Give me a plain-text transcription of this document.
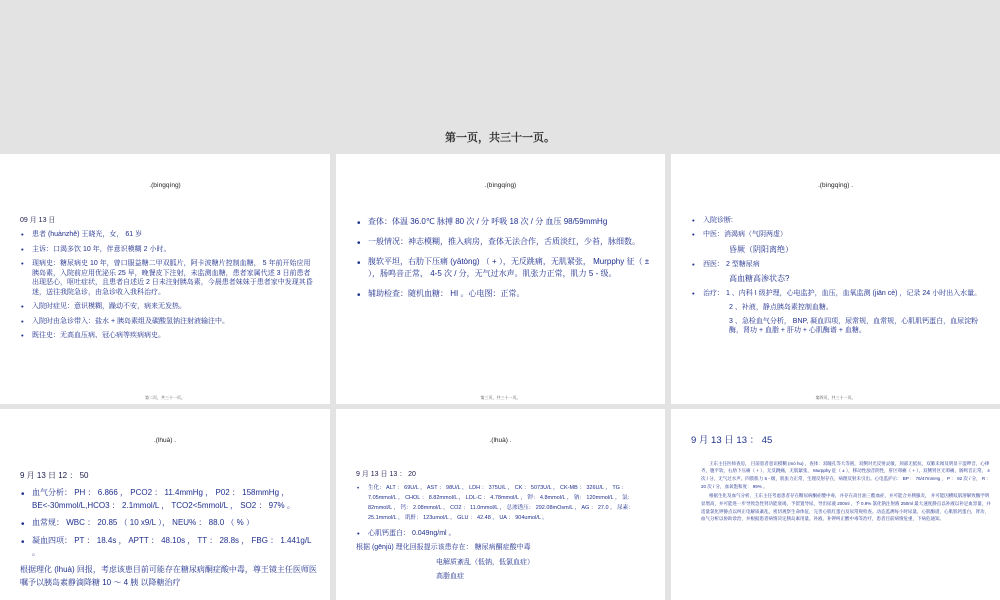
第一页，共三十一页。
.(bìngqíng)
09 月 13 日
• 患者 (huànzhě) 王晓光，女， 61 岁
• 主诉：口渴多饮 10 年，伴意识模糊 2 小时。
• 现病史：糖尿病史 10 年，曾口服益糖二甲双胍片，阿卡波糖片控制血糖， 5 年前开始应用胰岛素，入院前应用优泌乐 25 早，晚餐皮下注射，未监测血糖，患者家属代述 3 日前患者出现恶心，呕吐症状，且患者自述近 2 日未注射胰岛素，今晨患者妹妹于患者家中发现其昏迷，送往我院急诊，由急诊收入我科治疗。
• 入院时症见：意识模糊，躁动不安，病来无发热。
• 入院时由急诊带入：盐水 + 胰岛素组及碳酸氢钠注射液输注中。
• 既往史：无高血压病、冠心病等疾病病史。
第二页，共三十一页。
.(bìngqíng)
• 查体：体温 36.0℃ 脉搏 80 次 / 分 呼吸 18 次 / 分 血压 98/59mmHg
• 一般情况：神志模糊，推入病房，查体无法合作，舌质淡红，少苔，脉细数。
• 腹软平坦，右肋下压痛 (yātòng) （ + ），无反跳痛，无肌紧张， Murpphy 征（ ± ），肠鸣音正常， 4-5 次 / 分，无气过水声。肌张力正常，肌力 5 - 级。
• 辅助检查：随机血糖： HI 。心电图：正常。
第三页，共三十一页。
.(bìngqíng) .
• 入院诊断:
• 中医：消渴病（气阴两虚）
昏厥（阴阳离绝）
• 西医： 2 型糖尿病
高血糖高渗状态?
• 治疗： 1 、内科 I 级护理，心电监护，血压，血氧监测 (jiān cè) ，记录 24 小时出入水量。
2 、补液，静点胰岛素控制血糖。
3 、急检血气分析， BNP, 凝血四项，尿常规，血常规，心肌肌钙蛋白，血尿淀粉酶，肾功 + 血脂 + 肝功 + 心肌酶谱 + 血糖。
第四页，共三十一页。
.(lhuà) .
9 月 13 日 12 ： 50
• 血气分析： PH ： 6.866 ， PCO2 ： 11.4mmHg ， P02 ： 158mmHg ， BE<-30mmol/L,HCO3 ： 2.1mmol/L ， TCO2<5mmol/L ， SO2 ： 97% 。
• 血常规： WBC ： 20.85 （ 10 x9/L ）， NEU% ： 88.0 （ % ）
• 凝血四项： PT ： 18.4s ， APTT ： 48.10s ， TT ： 28.8s ， FBG ： 1.441g/L 。
根据理化 (lhuà) 回报，考虑该患目前可能存在糖尿病酮症酸中毒，尊王镜主任医师医嘱予以胰岛素静滴降糖 10 ～ 4 胰 以降糖治疗
.(lhuà) .
9 月 13 日 13 ： 20
• 生化： ALT ： 69U/L ， AST ： 98U/L ， LDH ： 375U/L ， CK ： 5073U/L ， CK-MB ： 326U/L ， TG ： 7.05mmol/L ， CHOL ： 8.82mmol/L ， LDL-C ： 4.78mmol/L ， 钾： 4.8mmol/L ， 钠： 120mmol/L ， 氯： 82mmol/L ， 钙： 2.08mmol/L ， CO2 ： 11.0mmol/L ， 总渗透压： 292.08mOsm/L ， AG ： 27.0 ， 尿素： 25.1mmol/L ， 肌酐： 123umol/L ， GLU ： 42.48 ， UA ： 904umol/L 。
• 心肌钙蛋白： 0.049ng/ml 。
根据 (gēnjù) 理化回报提示该患存在： 糖尿病酮症酸中毒
电解质紊乱（低钠，低氯血症）
高脂血症
9 月 13 日 13 ： 45
王东主任医师查房， 目前患者意识模糊 (mó hu) ，查体：双瞳孔等大等圆，双侧对光反射灵敏，颈部无抵抗，双肺未闻及明显干湿啰音，心律齐，腹平软，右肋下压痛（ + ），无反跳痛，无肌紧张， Murpphy 征（ ± ），移动性浊音阴性，肝区叩痛（ + ），双侧肾区无叩痛，肠鸣音正常， 4 次 / 分，无气过水声。四肢肌力 5 - 级，肌张力正常，生理反射存在，病理反射未引出。心电监护示： BP ： 76/47mmHg ， P ： 92 次 / 分， R ： 20 次 / 分，血氧饱和度： 99% 。
根据生化及血气分析，王东主任考虑患者存在糖尿病酮症酸中毒，并存在高甘油三酯血症，并可能合并胰腺炎， 并可能因横纹肌溶解致酶学明显增高，并可能进一步导致急性肾功能衰竭，予留置导尿，导出尿液 200ml ，予 0.9% 氯化钠注射液 250ml 最大速度静点以补液以补足血容量，并适量氯化钾静点以纠正电解质紊乱，密切观察生命体征，完善心肌红蛋白及尿常规检查。动态监测每小时尿量，心肌酶谱，心肌肌钙蛋白，肾功，血气分析以协助诊治，并根据患者病情决定胰岛素用量。补液、补钾纠正酸中毒等治疗，患者目前病情危重，下病危通知。
